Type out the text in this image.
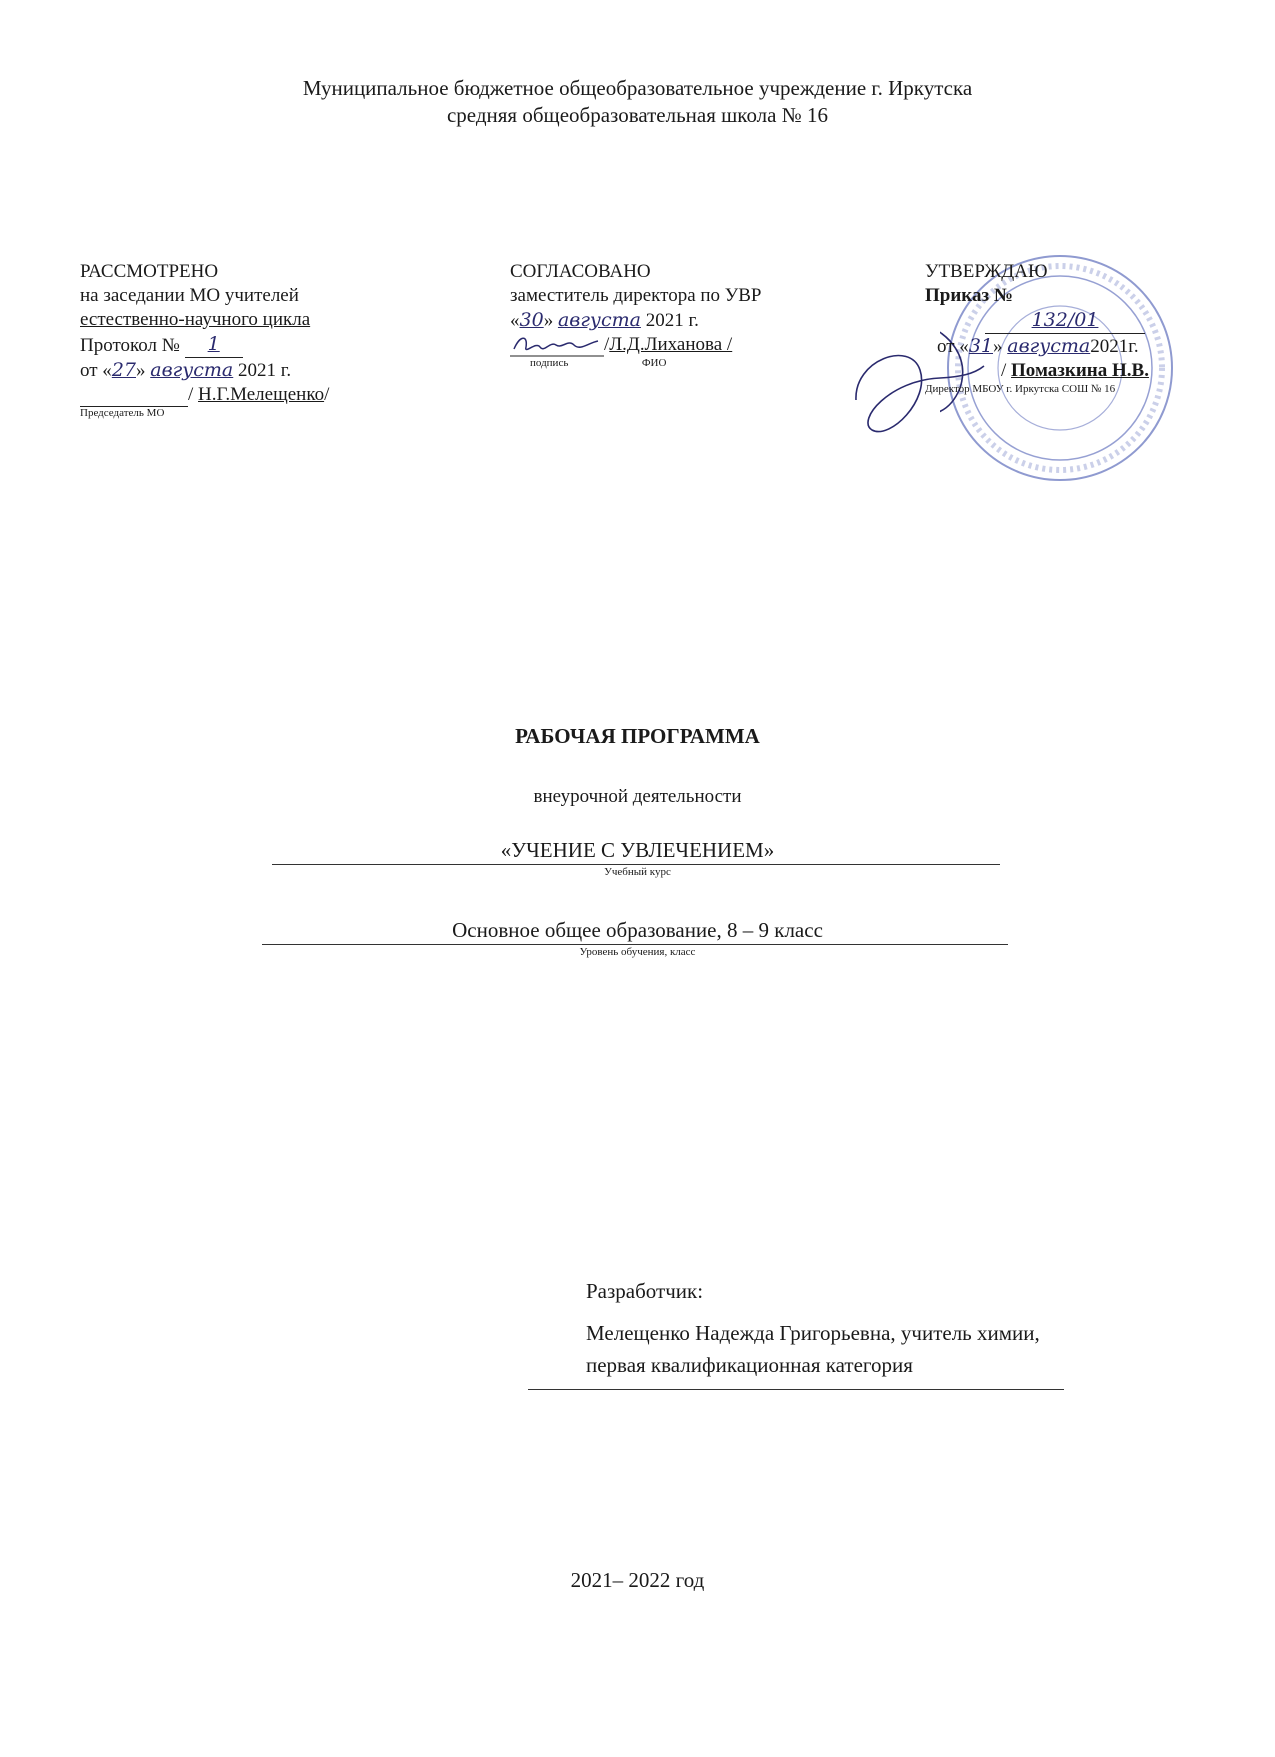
Муниципальное бюджетное общеобразовательное учреждение г. Иркутска
средняя общеобразовательная школа № 16
РАССМОТРЕНО
на заседании МО учителей
естественно-научного цикла
Протокол № 1
от «27» августа 2021 г.
/ Н.Г.Мелещенко/
Председатель МО
СОГЛАСОВАНО
заместитель директора по УВР
«30» августа 2021 г.
/Л.Д.Лиханова /
подпись	ФИО
УТВЕРЖДАЮ
Приказ №
132/01
от «31» августа2021г.
/ Помазкина Н.В.
Директор МБОУ г. Иркутска СОШ № 16
РАБОЧАЯ ПРОГРАММА
внеурочной деятельности
«УЧЕНИЕ С УВЛЕЧЕНИЕМ»
Учебный курс
Основное общее образование, 8 – 9 класс
Уровень обучения, класс
Разработчик:
Мелещенко Надежда Григорьевна, учитель химии,
первая квалификационная категория
2021– 2022 год
